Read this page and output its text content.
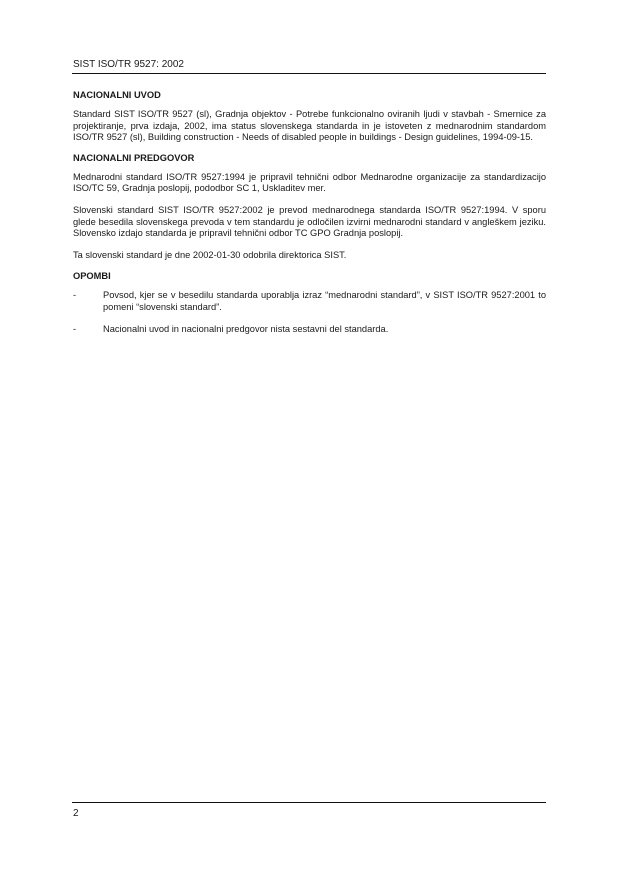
SIST ISO/TR 9527: 2002
NACIONALNI UVOD

Standard SIST ISO/TR 9527 (sl), Gradnja objektov - Potrebe funkcionalno oviranih ljudi v stavbah - Smernice za projektiranje, prva izdaja, 2002, ima status slovenskega standarda in je istoveten z mednarodnim standardom ISO/TR 9527 (sl), Building construction - Needs of disabled people in buildings - Design guidelines, 1994-09-15.

NACIONALNI PREDGOVOR

Mednarodni standard ISO/TR 9527:1994 je pripravil tehnični odbor Mednarodne organizacije za standardizacijo ISO/TC 59, Gradnja poslopij, pododbor SC 1, Uskladitev mer.

Slovenski standard SIST ISO/TR 9527:2002 je prevod mednarodnega standarda ISO/TR 9527:1994. V sporu glede besedila slovenskega prevoda v tem standardu je odločilen izvirni mednarodni standard v angleškem jeziku. Slovensko izdajo standarda je pripravil tehnični odbor TC GPO Gradnja poslopij.

Ta slovenski standard je dne 2002-01-30 odobrila direktorica SIST.

OPOMBI
-	Povsod, kjer se v besedilu standarda uporablja izraz “mednarodni standard”, v SIST ISO/TR 9527:2001 to pomeni “slovenski standard”.
-	Nacionalni uvod in nacionalni predgovor nista sestavni del standarda.
2
